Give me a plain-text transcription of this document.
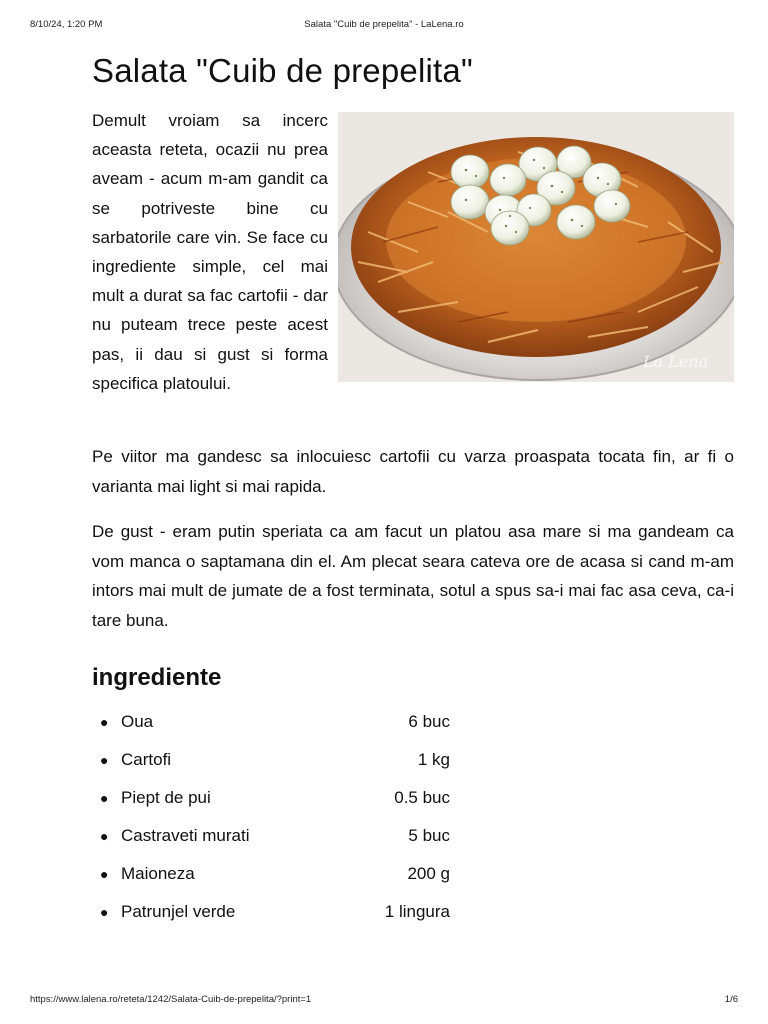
8/10/24, 1:20 PM	Salata "Cuib de prepelita" - LaLena.ro
Salata "Cuib de prepelita"

Demult vroiam sa incerc aceasta reteta, ocazii nu prea aveam - acum m-am gandit ca se potriveste bine cu sarbatorile care vin. Se face cu ingrediente simple, cel mai mult a durat sa fac cartofii - dar nu puteam trece peste acest pas, ii dau si gust si forma specifica platoului.

La Lena

Pe viitor ma gandesc sa inlocuiesc cartofii cu varza proaspata tocata fin, ar fi o varianta mai light si mai rapida.

De gust - eram putin speriata ca am facut un platou asa mare si ma gandeam ca vom manca o saptamana din el. Am plecat seara cateva ore de acasa si cand m-am intors mai mult de jumate de a fost terminata, sotul a spus sa-i mai fac asa ceva, ca-i tare buna.

ingrediente
● Oua	6 buc
● Cartofi	1 kg
● Piept de pui	0.5 buc
● Castraveti murati	5 buc
● Maioneza	200 g
● Patrunjel verde	1 lingura
https://www.lalena.ro/reteta/1242/Salata-Cuib-de-prepelita/?print=1	1/6
